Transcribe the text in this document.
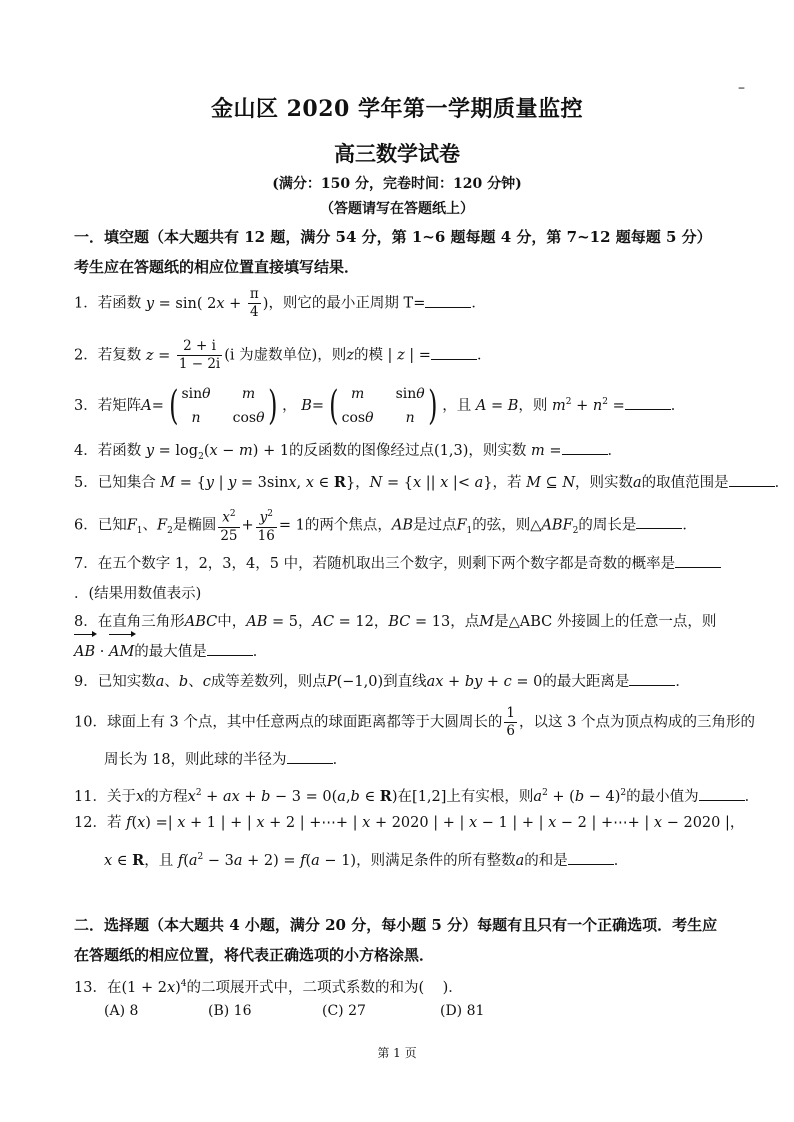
–
金山区 2020 学年第一学期质量监控
高三数学试卷
(满分：150 分，完卷时间：120 分钟)
（答题请写在答题纸上）
一．填空题（本大题共有 12 题，满分 54 分，第 1~6 题每题 4 分，第 7~12 题每题 5 分） 考生应在答题纸的相应位置直接填写结果．
1．若函数 y = sin( $2x + \frac{\pi}{4}$ )，则它的最小正周期 T=	．
2．若复数 $z = \frac{2 + i}{1 - 2i} (i$ 为虚数单位)，则z的模 | z | =	．
3．若矩阵A= ( sinθ	m
n	cosθ ) ， B= ( m	sinθ
cosθ	n ) ，且 A = B，则 $m^2 + n^2$ =	．
4．若函数 $y = \log_2(x - m) + 1$的反函数的图像经过点(1,3)，则实数 m =	．
5．已知集合 M = {y | y = 3sinx, x ∈ R}，N = {x || x |< a}，若 M ⊆ N，则实数a的取值范围是	．
6．已知$F_1$、$F_2$是椭圆 $\frac{x^2}{25} + \frac{y^2}{16} = 1$的两个焦点，AB是过点$F_1$的弦，则$\triangle ABF_2$的周长是	．
7．在五个数字 1，2，3，4，5 中，若随机取出三个数字，则剩下两个数字都是奇数的概率是．(结果用数值表示)
8．在直角三角形ABC中，AB = 5，AC = 12，BC = 13，点M是△ABC 外接圆上的任意一点，则
AB · AM的最大值是	．
9．已知实数a、b、c成等差数列，则点P(−1,0)到直线ax + by + c = 0的最大距离是	．
10．球面上有 3 个点，其中任意两点的球面距离都等于大圆周长的 $\frac{1}{6}$ ，以这 3 个点为顶点构成的三角形的
周长为 18，则此球的半径为	．
11．关于x的方程$x^2$ + ax + b − 3 = 0(a,b ∈ R)在[1,2]上有实根，则$a^2 + (b - 4)^2$的最小值为	．
12．若 f(x) =| x + 1 | + | x + 2 | +⋯+ | x + 2020 | + | x − 1 | + | x − 2 | +⋯+ | x − 2020 |，
x ∈ R，且 $f(a^2 - 3a + 2) = f(a - 1)$，则满足条件的所有整数a的和是	．
二．选择题（本大题共 4 小题，满分 20 分，每小题 5 分）每题有且只有一个正确选项．考生应在答题纸的相应位置，将代表正确选项的小方格涂黑．
13．在$(1 + 2x)^4$的二项展开式中，二项式系数的和为( )．
(A) 8	(B) 16	(C) 27	(D) 81
第 1 页
